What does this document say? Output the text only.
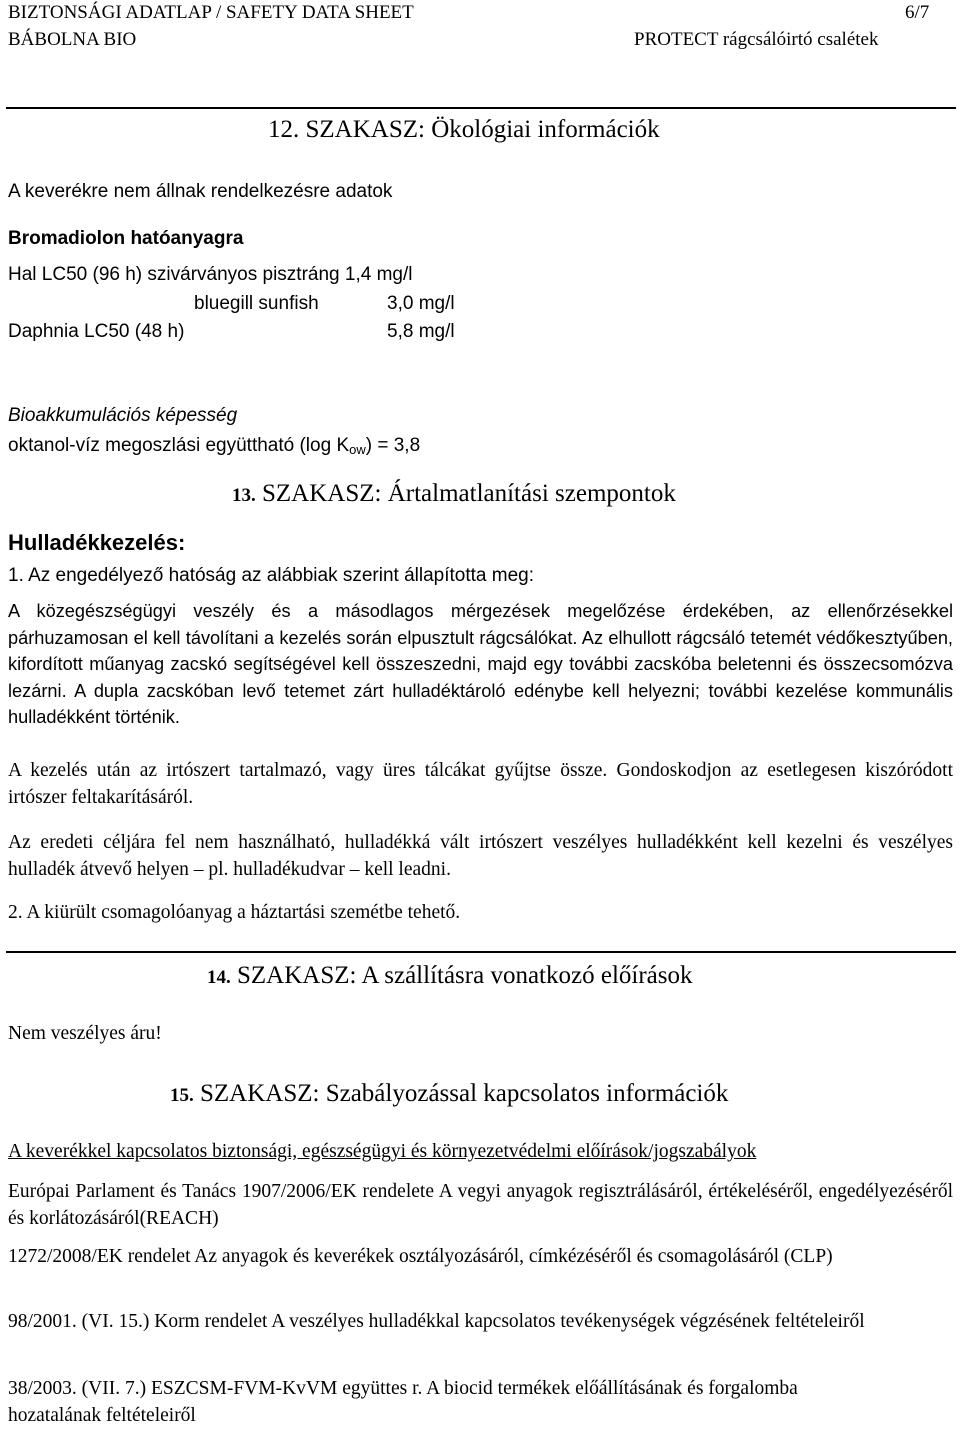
BIZTONSÁGI ADATLAP / SAFETY DATA SHEET	6/7
BÁBOLNA BIO	PROTECT rágcsálóirtó csalétek
12. SZAKASZ: Ökológiai információk
A keverékre nem állnak rendelkezésre adatok
Bromadiolon hatóanyagra
Hal LC50 (96 h) szivárványos pisztráng 1,4 mg/l
bluegill sunfish	3,0 mg/l
Daphnia LC50 (48 h)	5,8 mg/l
Bioakkumulációs képesség
oktanol-víz megoszlási együttható (log $K_{ow}) = 3,8$
13. SZAKASZ: Ártalmatlanítási szempontok
Hulladékkezelés:
1. Az engedélyező hatóság az alábbiak szerint állapította meg:
A közegészségügyi veszély és a másodlagos mérgezések megelőzése érdekében, az ellenőrzésekkel párhuzamosan el kell távolítani a kezelés során elpusztult rágcsálókat. Az elhullott rágcsáló tetemét védőkesztyűben, kifordított műanyag zacskó segítségével kell összeszedni, majd egy további zacskóba beletenni és összecsomózva lezárni. A dupla zacskóban levő tetemet zárt hulladéktároló edénybe kell helyezni; további kezelése kommunális hulladékként történik.
A kezelés után az irtószert tartalmazó, vagy üres tálcákat gyűjtse össze. Gondoskodjon az esetlegesen kiszóródott irtószer feltakarításáról.
Az eredeti céljára fel nem használható, hulladékká vált irtószert veszélyes hulladékként kell kezelni és veszélyes hulladék átvevő helyen – pl. hulladékudvar – kell leadni.
2. A kiürült csomagolóanyag a háztartási szemétbe tehető.
14. SZAKASZ: A szállításra vonatkozó előírások
Nem veszélyes áru!
15. SZAKASZ: Szabályozással kapcsolatos információk
A keverékkel kapcsolatos biztonsági, egészségügyi és környezetvédelmi előírások/jogszabályok
Európai Parlament és Tanács 1907/2006/EK rendelete A vegyi anyagok regisztrálásáról, értékeléséről, engedélyezéséről és korlátozásáról(REACH)
1272/2008/EK rendelet Az anyagok és keverékek osztályozásáról, címkézéséről és csomagolásáról (CLP)
98/2001. (VI. 15.) Korm rendelet A veszélyes hulladékkal kapcsolatos tevékenységek végzésének feltételeiről
38/2003. (VII. 7.) ESZCSM-FVM-KvVM együttes r. A biocid termékek előállításának és forgalomba hozatalának feltételeiről
